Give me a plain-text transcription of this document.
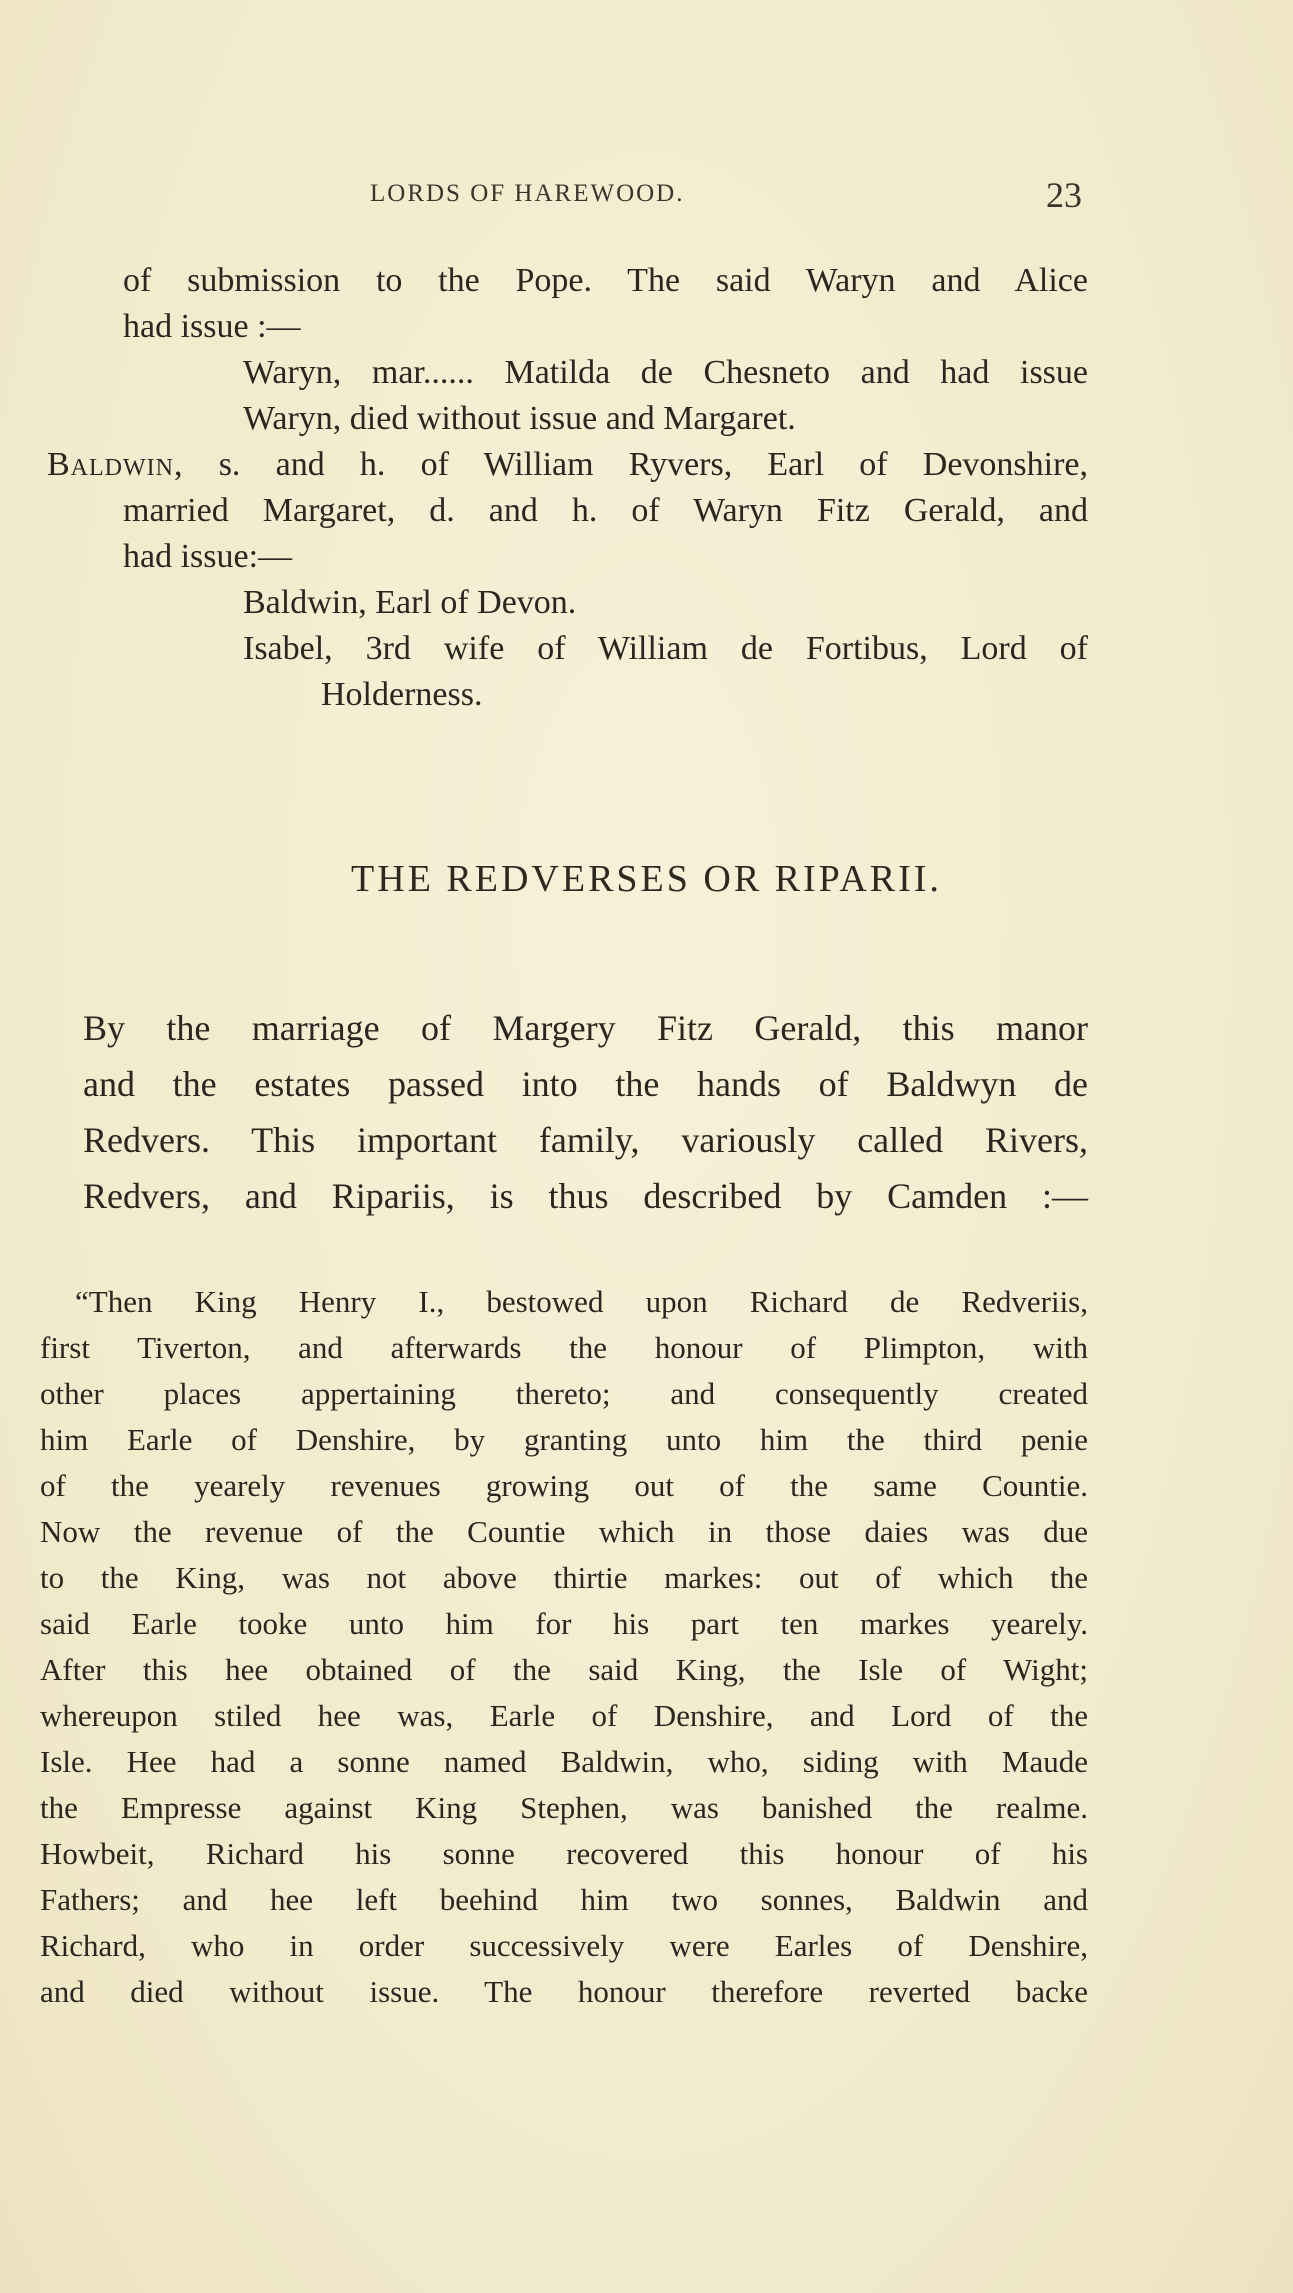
LORDS OF HAREWOOD.	23
of submission to the Pope. The said Waryn and Alice
had issue :—
Waryn, mar...... Matilda de Chesneto and had issue
Waryn, died without issue and Margaret.
Baldwin, s. and h. of William Ryvers, Earl of Devonshire,
married Margaret, d. and h. of Waryn Fitz Gerald, and
had issue:—
Baldwin, Earl of Devon.
Isabel, 3rd wife of William de Fortibus, Lord of
Holderness.
THE REDVERSES OR RIPARII.
By the marriage of Margery Fitz Gerald, this manor
and the estates passed into the hands of Baldwyn de
Redvers. This important family, variously called Rivers,
Redvers, and Ripariis, is thus described by Camden :—
“Then King Henry I., bestowed upon Richard de Redveriis,
first Tiverton, and afterwards the honour of Plimpton, with
other places appertaining thereto; and consequently created
him Earle of Denshire, by granting unto him the third penie
of the yearely revenues growing out of the same Countie.
Now the revenue of the Countie which in those daies was due
to the King, was not above thirtie markes: out of which the
said Earle tooke unto him for his part ten markes yearely.
After this hee obtained of the said King, the Isle of Wight;
whereupon stiled hee was, Earle of Denshire, and Lord of the
Isle. Hee had a sonne named Baldwin, who, siding with Maude
the Empresse against King Stephen, was banished the realme.
Howbeit, Richard his sonne recovered this honour of his
Fathers; and hee left beehind him two sonnes, Baldwin and
Richard, who in order successively were Earles of Denshire,
and died without issue. The honour therefore reverted backe
